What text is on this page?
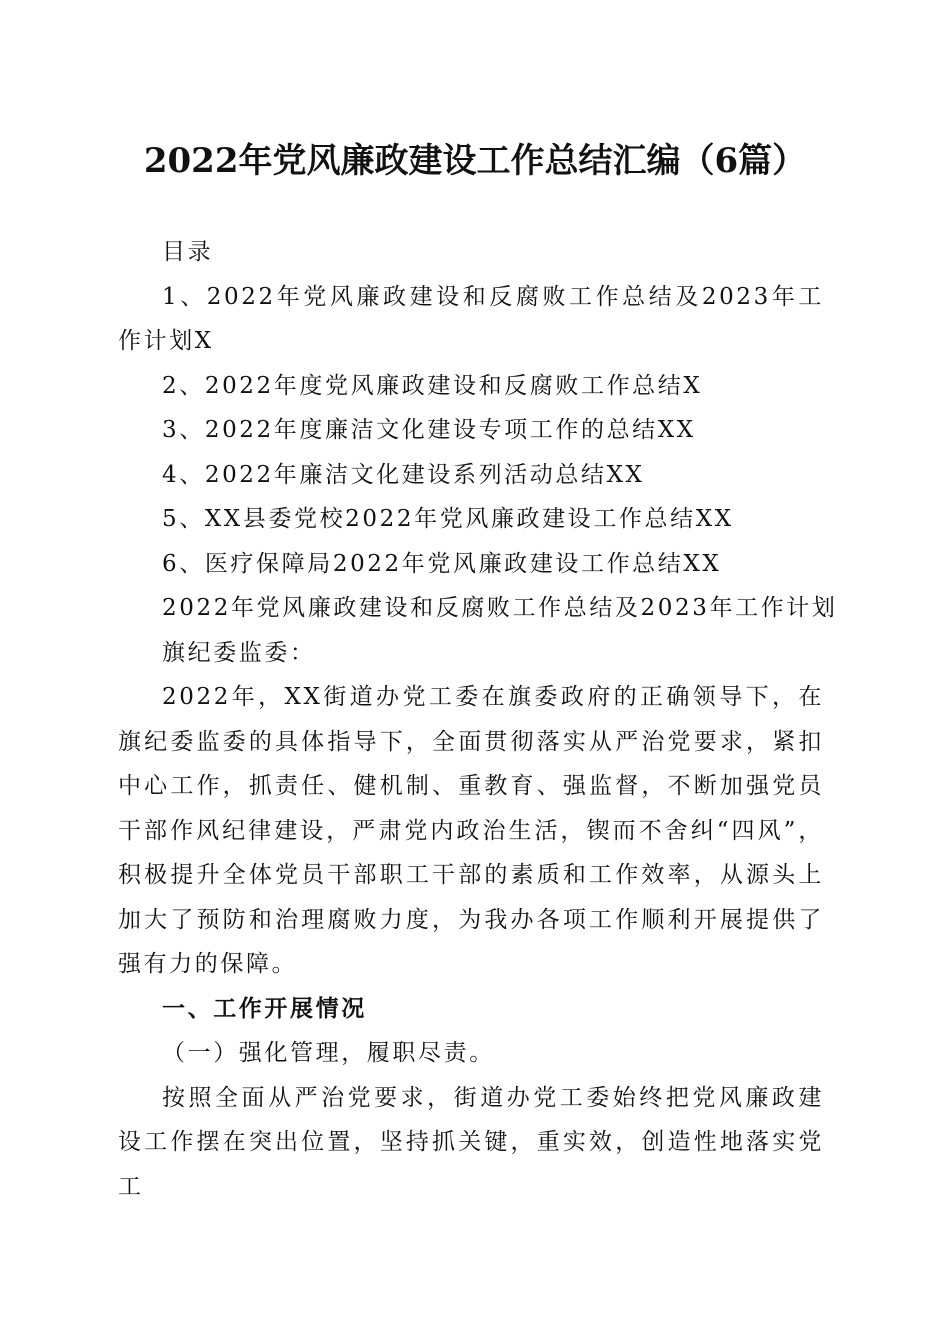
2022年党风廉政建设工作总结汇编（6篇）

目录

1、2022年党风廉政建设和反腐败工作总结及2023年工作计划X

2、2022年度党风廉政建设和反腐败工作总结X

3、2022年度廉洁文化建设专项工作的总结XX

4、2022年廉洁文化建设系列活动总结XX

5、XX县委党校2022年党风廉政建设工作总结XX

6、医疗保障局2022年党风廉政建设工作总结XX

2022年党风廉政建设和反腐败工作总结及2023年工作计划

旗纪委监委：

2022年，XX街道办党工委在旗委政府的正确领导下，在旗纪委监委的具体指导下，全面贯彻落实从严治党要求，紧扣中心工作，抓责任、健机制、重教育、强监督，不断加强党员干部作风纪律建设，严肃党内政治生活，锲而不舍纠“四风”，积极提升全体党员干部职工干部的素质和工作效率，从源头上加大了预防和治理腐败力度，为我办各项工作顺利开展提供了强有力的保障。

一、工作开展情况

（一）强化管理，履职尽责。

按照全面从严治党要求，街道办党工委始终把党风廉政建设工作摆在突出位置，坚持抓关键，重实效，创造性地落实党工
